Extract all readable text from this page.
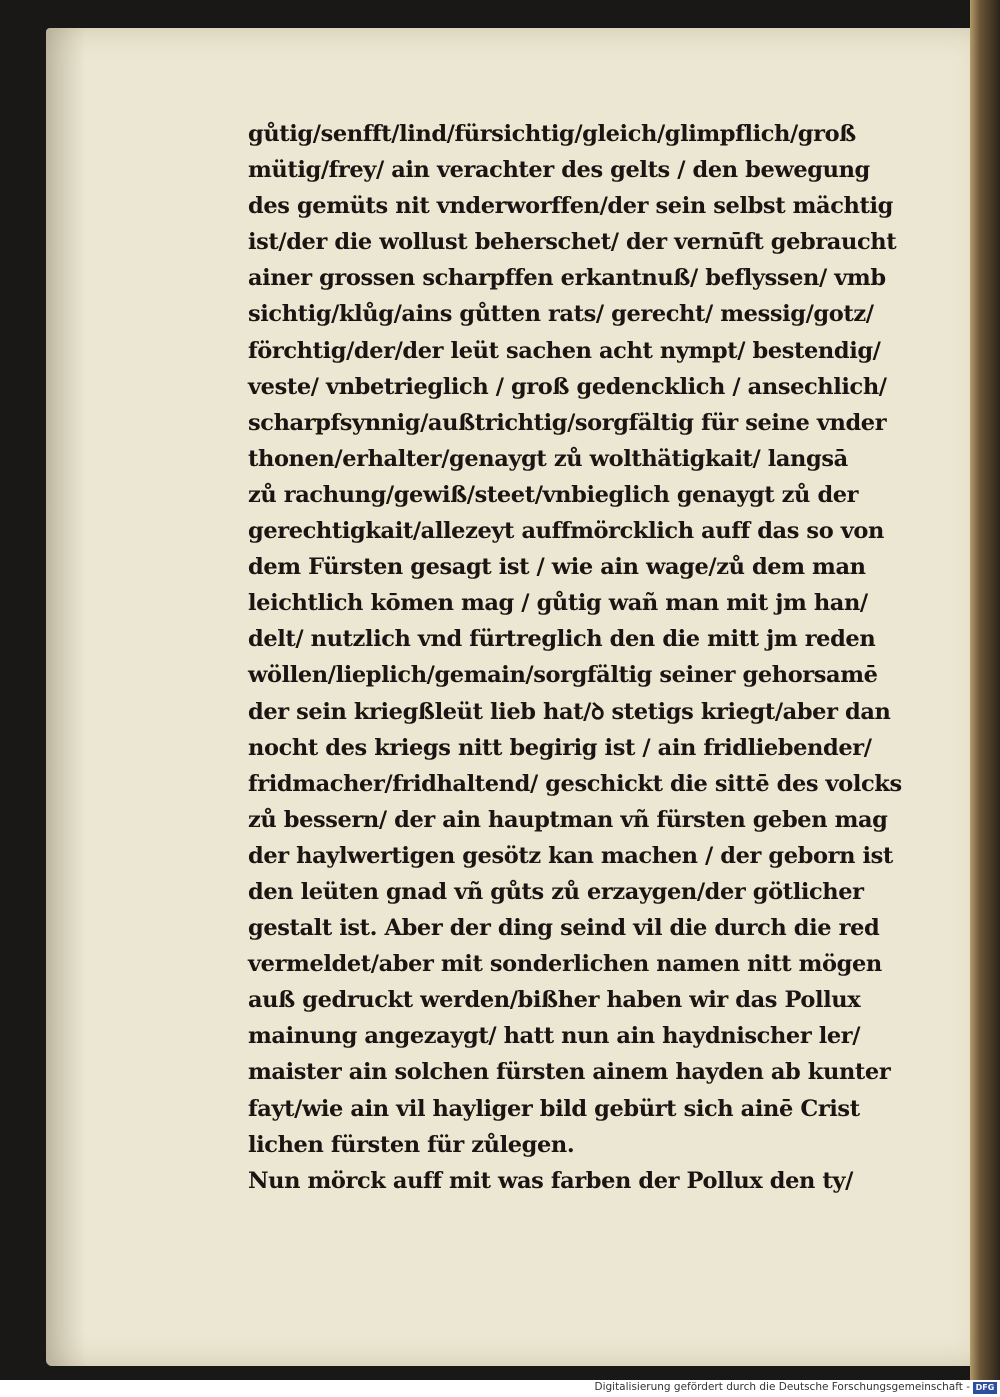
gůtig/senfft/lind/fürsichtig/gleich/glimpflich/groß
mütig/frey/ ain verachter des gelts / den bewegung
des gemüts nit vnderworffen/der sein selbst mächtig
ist/der die wollust beherschet/ der vernūft gebraucht
ainer grossen scharpffen erkantnuß/ beflyssen/ vmb
sichtig/klůg/ains gůtten rats/ gerecht/ messig/gotz/
förchtig/der/der leüt sachen acht nympt/ bestendig/
veste/ vnbetrieglich / groß gedencklich / ansechlich/
scharpfsynnig/außtrichtig/sorgfältig für seine vnder
thonen/erhalter/genaygt zů wolthätigkait/ langsā
zů rachung/gewiß/steet/vnbieglich genaygt zů der
gerechtigkait/allezeyt auffmörcklich auff das so von
dem Fürsten gesagt ist / wie ain wage/zů dem man
leichtlich kōmen mag / gůtig wañ man mit jm han/
delt/ nutzlich vnd fürtreglich den die mitt jm reden
wöllen/lieplich/gemain/sorgfältig seiner gehorsamē
der sein kriegßleüt lieb hat/ꝺ stetigs kriegt/aber dan
nocht des kriegs nitt begirig ist / ain fridliebender/
fridmacher/fridhaltend/ geschickt die sittē des volcks
zů bessern/ der ain hauptman vñ fürsten geben mag
der haylwertigen gesötz kan machen / der geborn ist
den leüten gnad vñ gůts zů erzaygen/der götlicher
gestalt ist. Aber der ding seind vil die durch die red
vermeldet/aber mit sonderlichen namen nitt mögen
auß gedruckt werden/bißher haben wir das Pollux
mainung angezaygt/ hatt nun ain haydnischer ler/
maister ain solchen fürsten ainem hayden ab kunter
fayt/wie ain vil hayliger bild gebürt sich ainē Crist
lichen fürsten für zůlegen.
Nun mörck auff mit was farben der Pollux den ty/
Digitalisierung gefördert durch die Deutsche Forschungsgemeinschaft - DFG
